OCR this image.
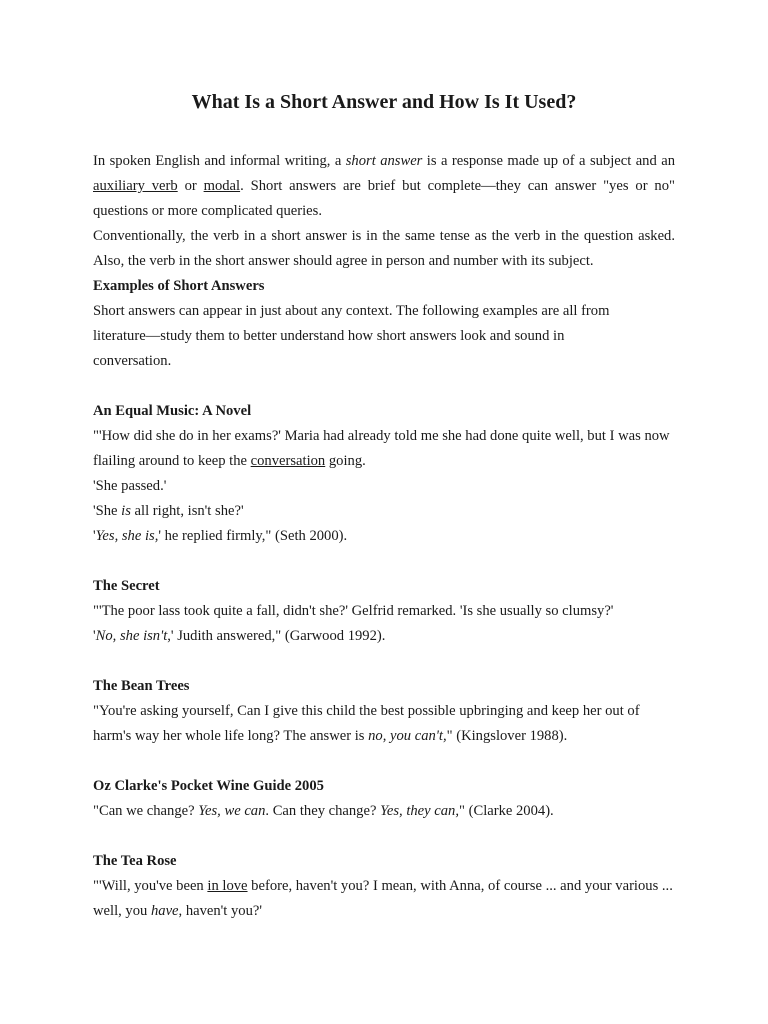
What Is a Short Answer and How Is It Used?

In spoken English and informal writing, a short answer is a response made up of a subject and an auxiliary verb or modal. Short answers are brief but complete—they can answer "yes or no" questions or more complicated queries.

Conventionally, the verb in a short answer is in the same tense as the verb in the question asked. Also, the verb in the short answer should agree in person and number with its subject.

Examples of Short Answers

Short answers can appear in just about any context. The following examples are all from literature—study them to better understand how short answers look and sound in conversation.

An Equal Music: A Novel

"'How did she do in her exams?' Maria had already told me she had done quite well, but I was now flailing around to keep the conversation going.

'She passed.'

'She is all right, isn't she?'

'Yes, she is,' he replied firmly," (Seth 2000).

The Secret

"'The poor lass took quite a fall, didn't she?' Gelfrid remarked. 'Is she usually so clumsy?'

'No, she isn't,' Judith answered," (Garwood 1992).

The Bean Trees

"You're asking yourself, Can I give this child the best possible upbringing and keep her out of harm's way her whole life long? The answer is no, you can't," (Kingslover 1988).

Oz Clarke's Pocket Wine Guide 2005

"Can we change? Yes, we can. Can they change? Yes, they can," (Clarke 2004).

The Tea Rose

"'Will, you've been in love before, haven't you? I mean, with Anna, of course ... and your various ... well, you have, haven't you?'
